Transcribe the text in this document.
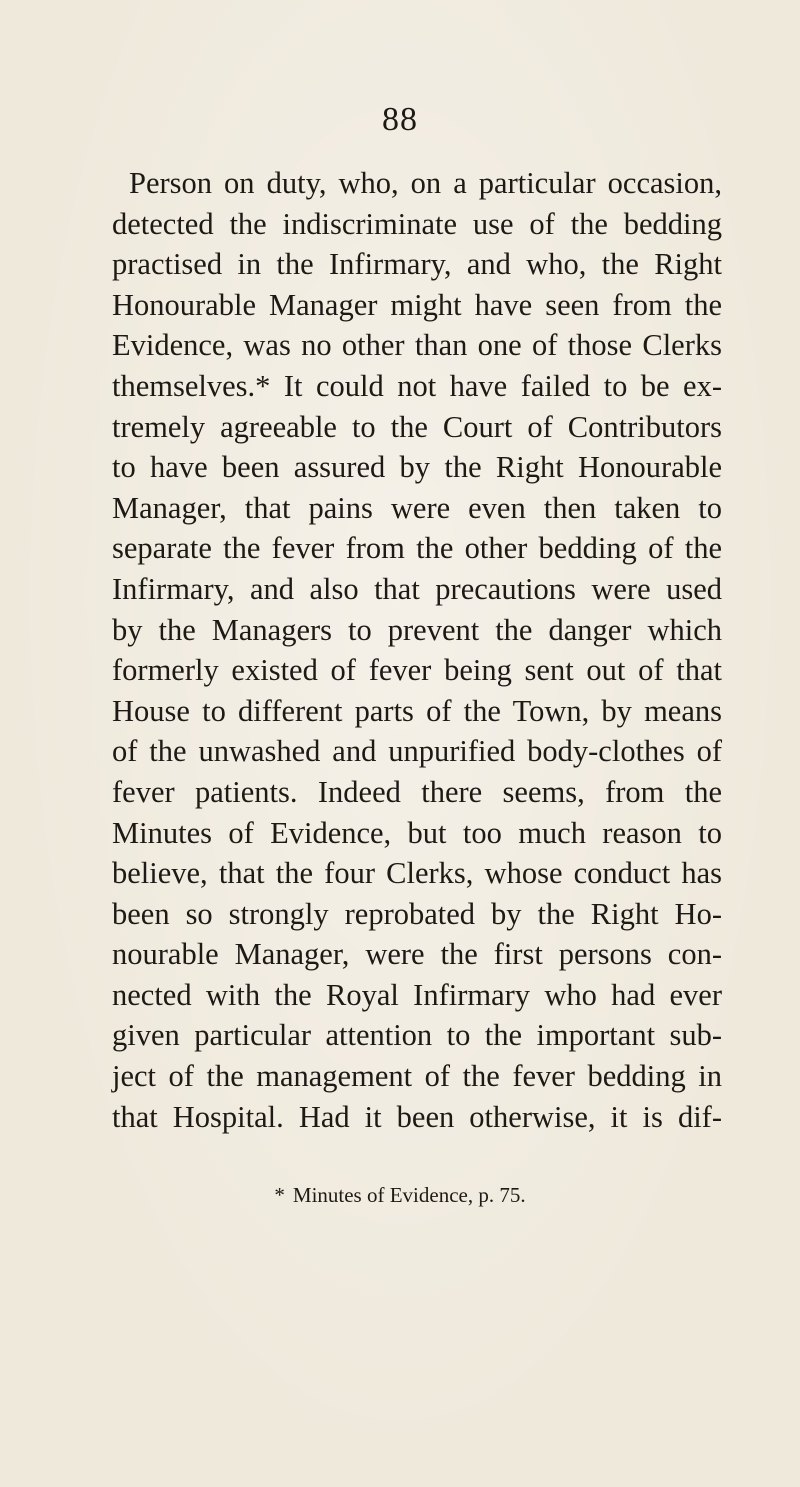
88
Person on duty, who, on a particular occasion,
detected the indiscriminate use of the bedding
practised in the Infirmary, and who, the Right
Honourable Manager might have seen from the
Evidence, was no other than one of those Clerks
themselves.* It could not have failed to be ex-
tremely agreeable to the Court of Contributors
to have been assured by the Right Honourable
Manager, that pains were even then taken to
separate the fever from the other bedding of the
Infirmary, and also that precautions were used
by the Managers to prevent the danger which
formerly existed of fever being sent out of that
House to different parts of the Town, by means
of the unwashed and unpurified body-clothes of
fever patients. Indeed there seems, from the
Minutes of Evidence, but too much reason to
believe, that the four Clerks, whose conduct has
been so strongly reprobated by the Right Ho-
nourable Manager, were the first persons con-
nected with the Royal Infirmary who had ever
given particular attention to the important sub-
ject of the management of the fever bedding in
that Hospital. Had it been otherwise, it is dif-
* Minutes of Evidence, p. 75.
